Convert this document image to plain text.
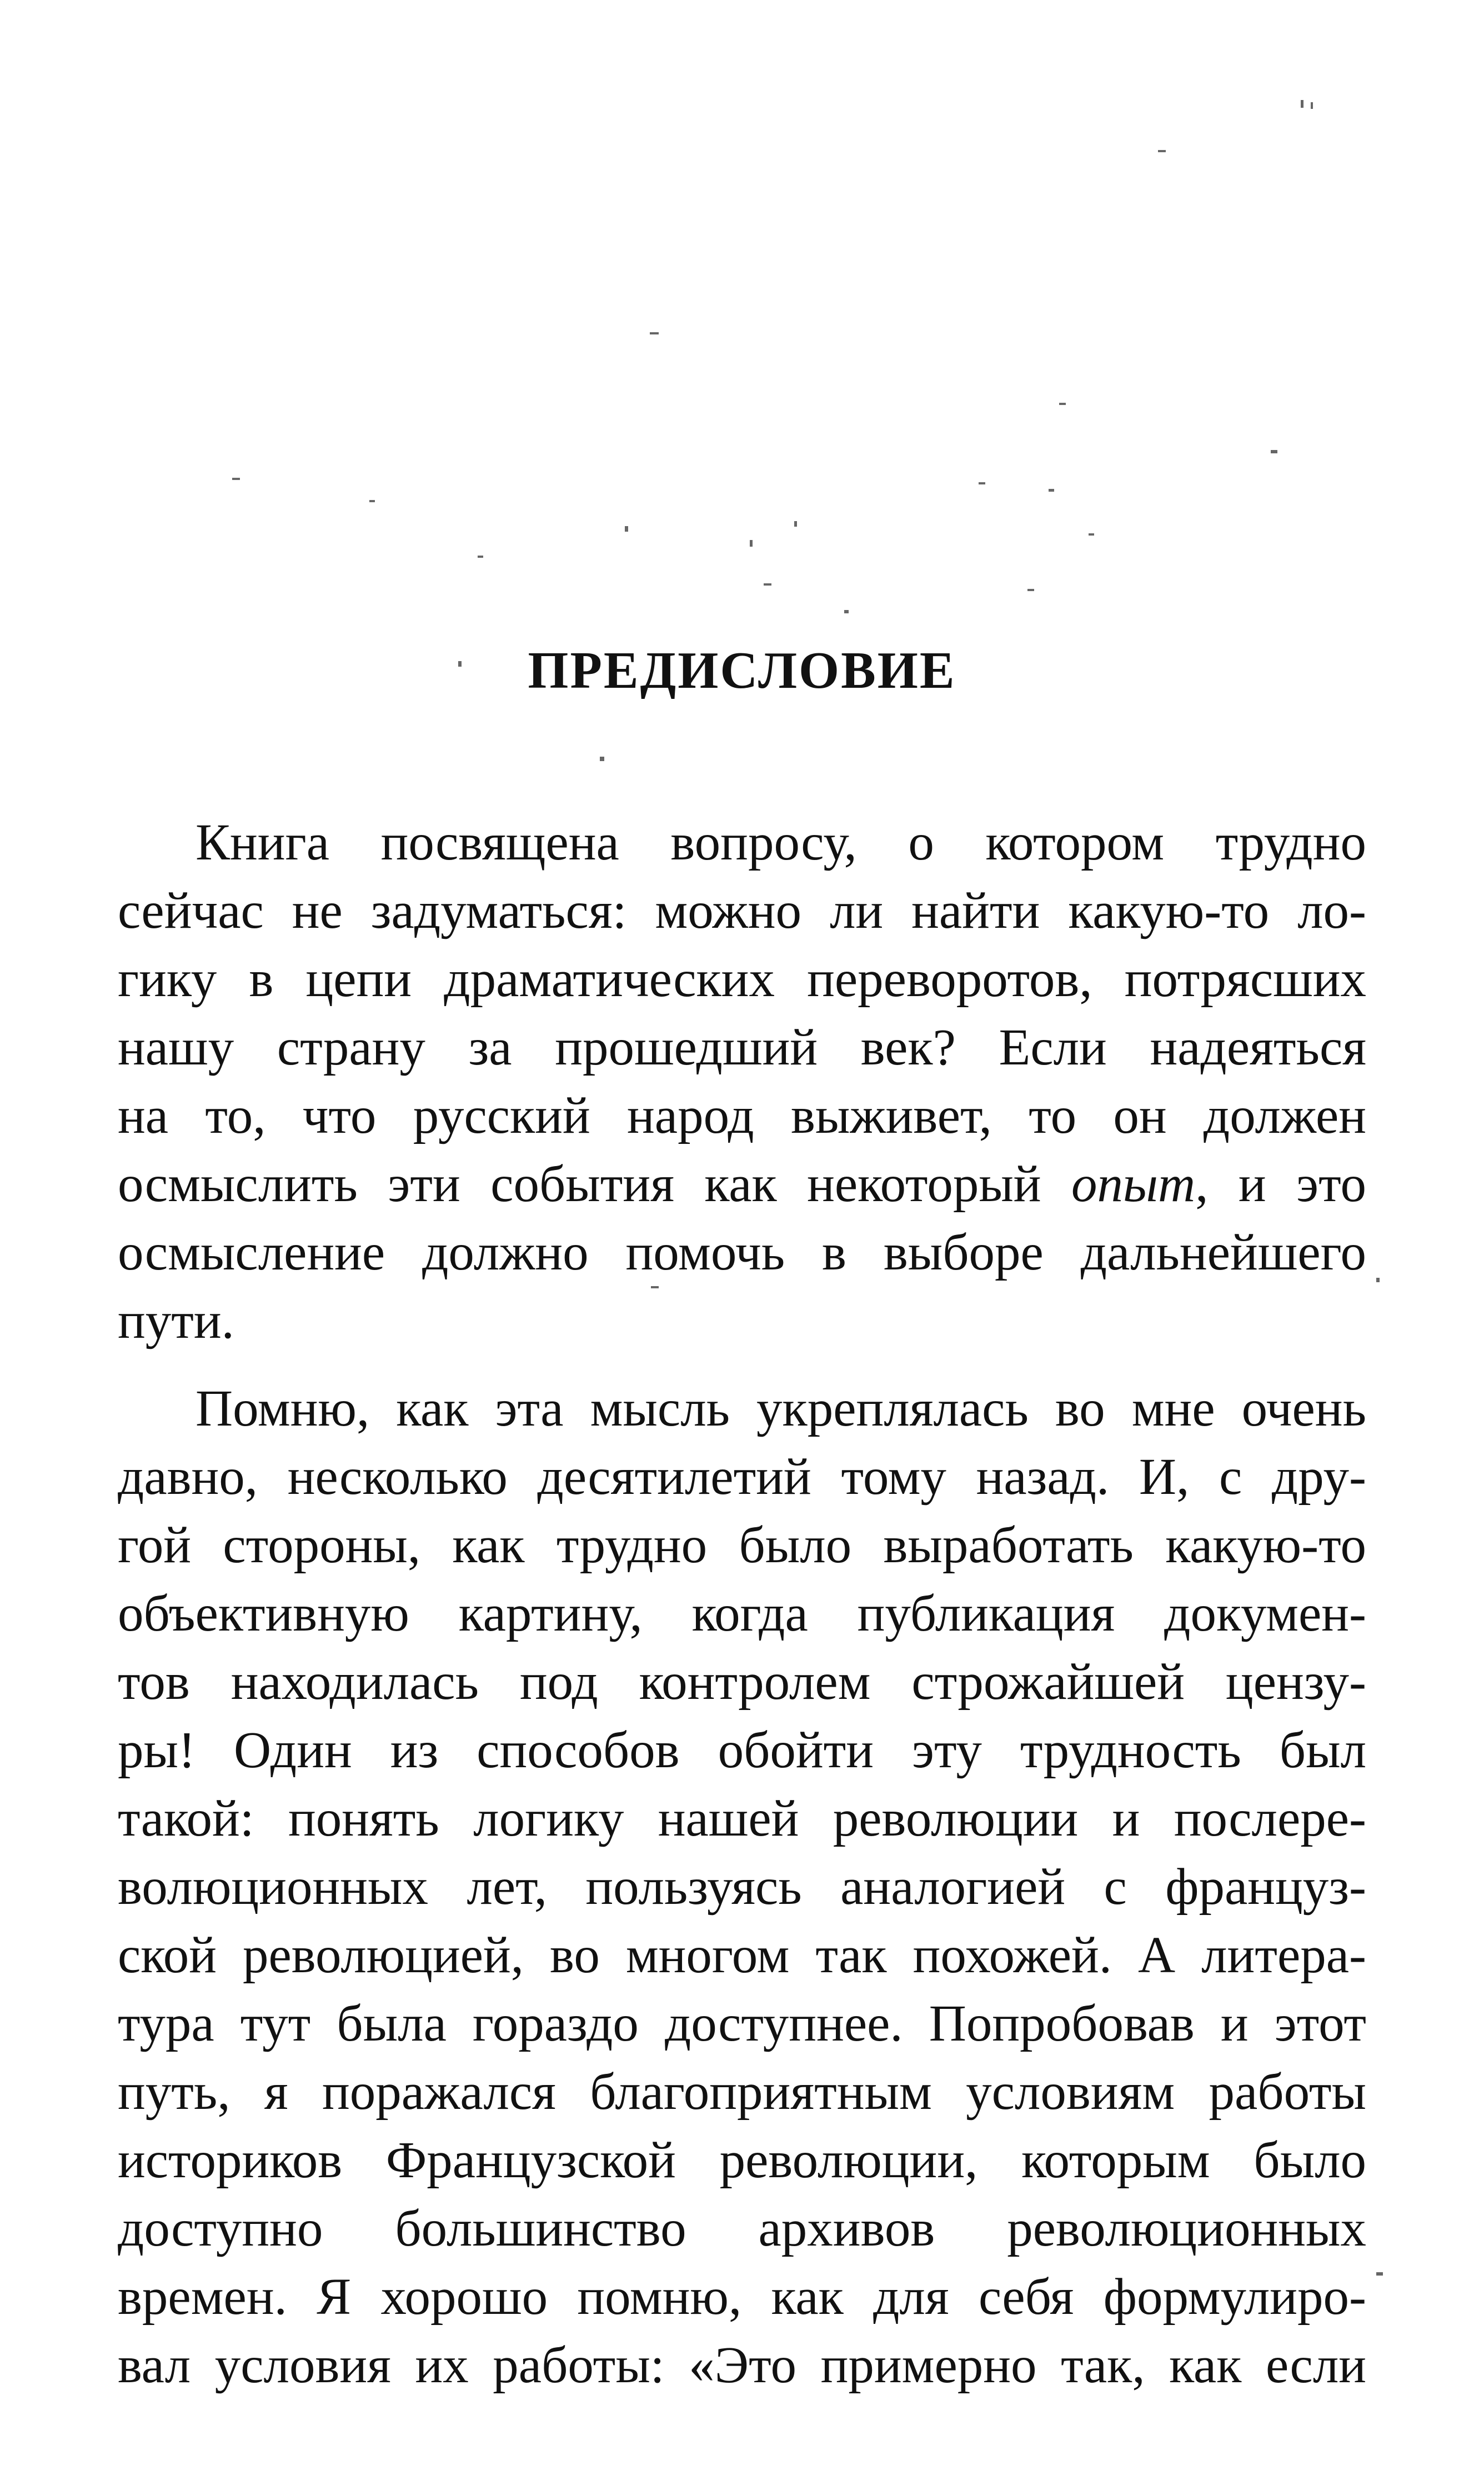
ПРЕДИСЛОВИЕ
Книга посвящена вопросу, о котором трудно
сейчас не задуматься: можно ли найти какую-то ло-
гику в цепи драматических переворотов, потрясших
нашу страну за прошедший век? Если надеяться
на то, что русский народ выживет, то он должен
осмыслить эти события как некоторый опыт, и это
осмысление должно помочь в выборе дальнейшего
пути.
Помню, как эта мысль укреплялась во мне очень
давно, несколько десятилетий тому назад. И, с дру-
гой стороны, как трудно было выработать какую-то
объективную картину, когда публикация докумен-
тов находилась под контролем строжайшей цензу-
ры! Один из способов обойти эту трудность был
такой: понять логику нашей революции и послере-
волюционных лет, пользуясь аналогией с француз-
ской революцией, во многом так похожей. А литера-
тура тут была гораздо доступнее. Попробовав и этот
путь, я поражался благоприятным условиям работы
историков Французской революции, которым было
доступно большинство архивов революционных
времен. Я хорошо помню, как для себя формулиро-
вал условия их работы: «Это примерно так, как если
